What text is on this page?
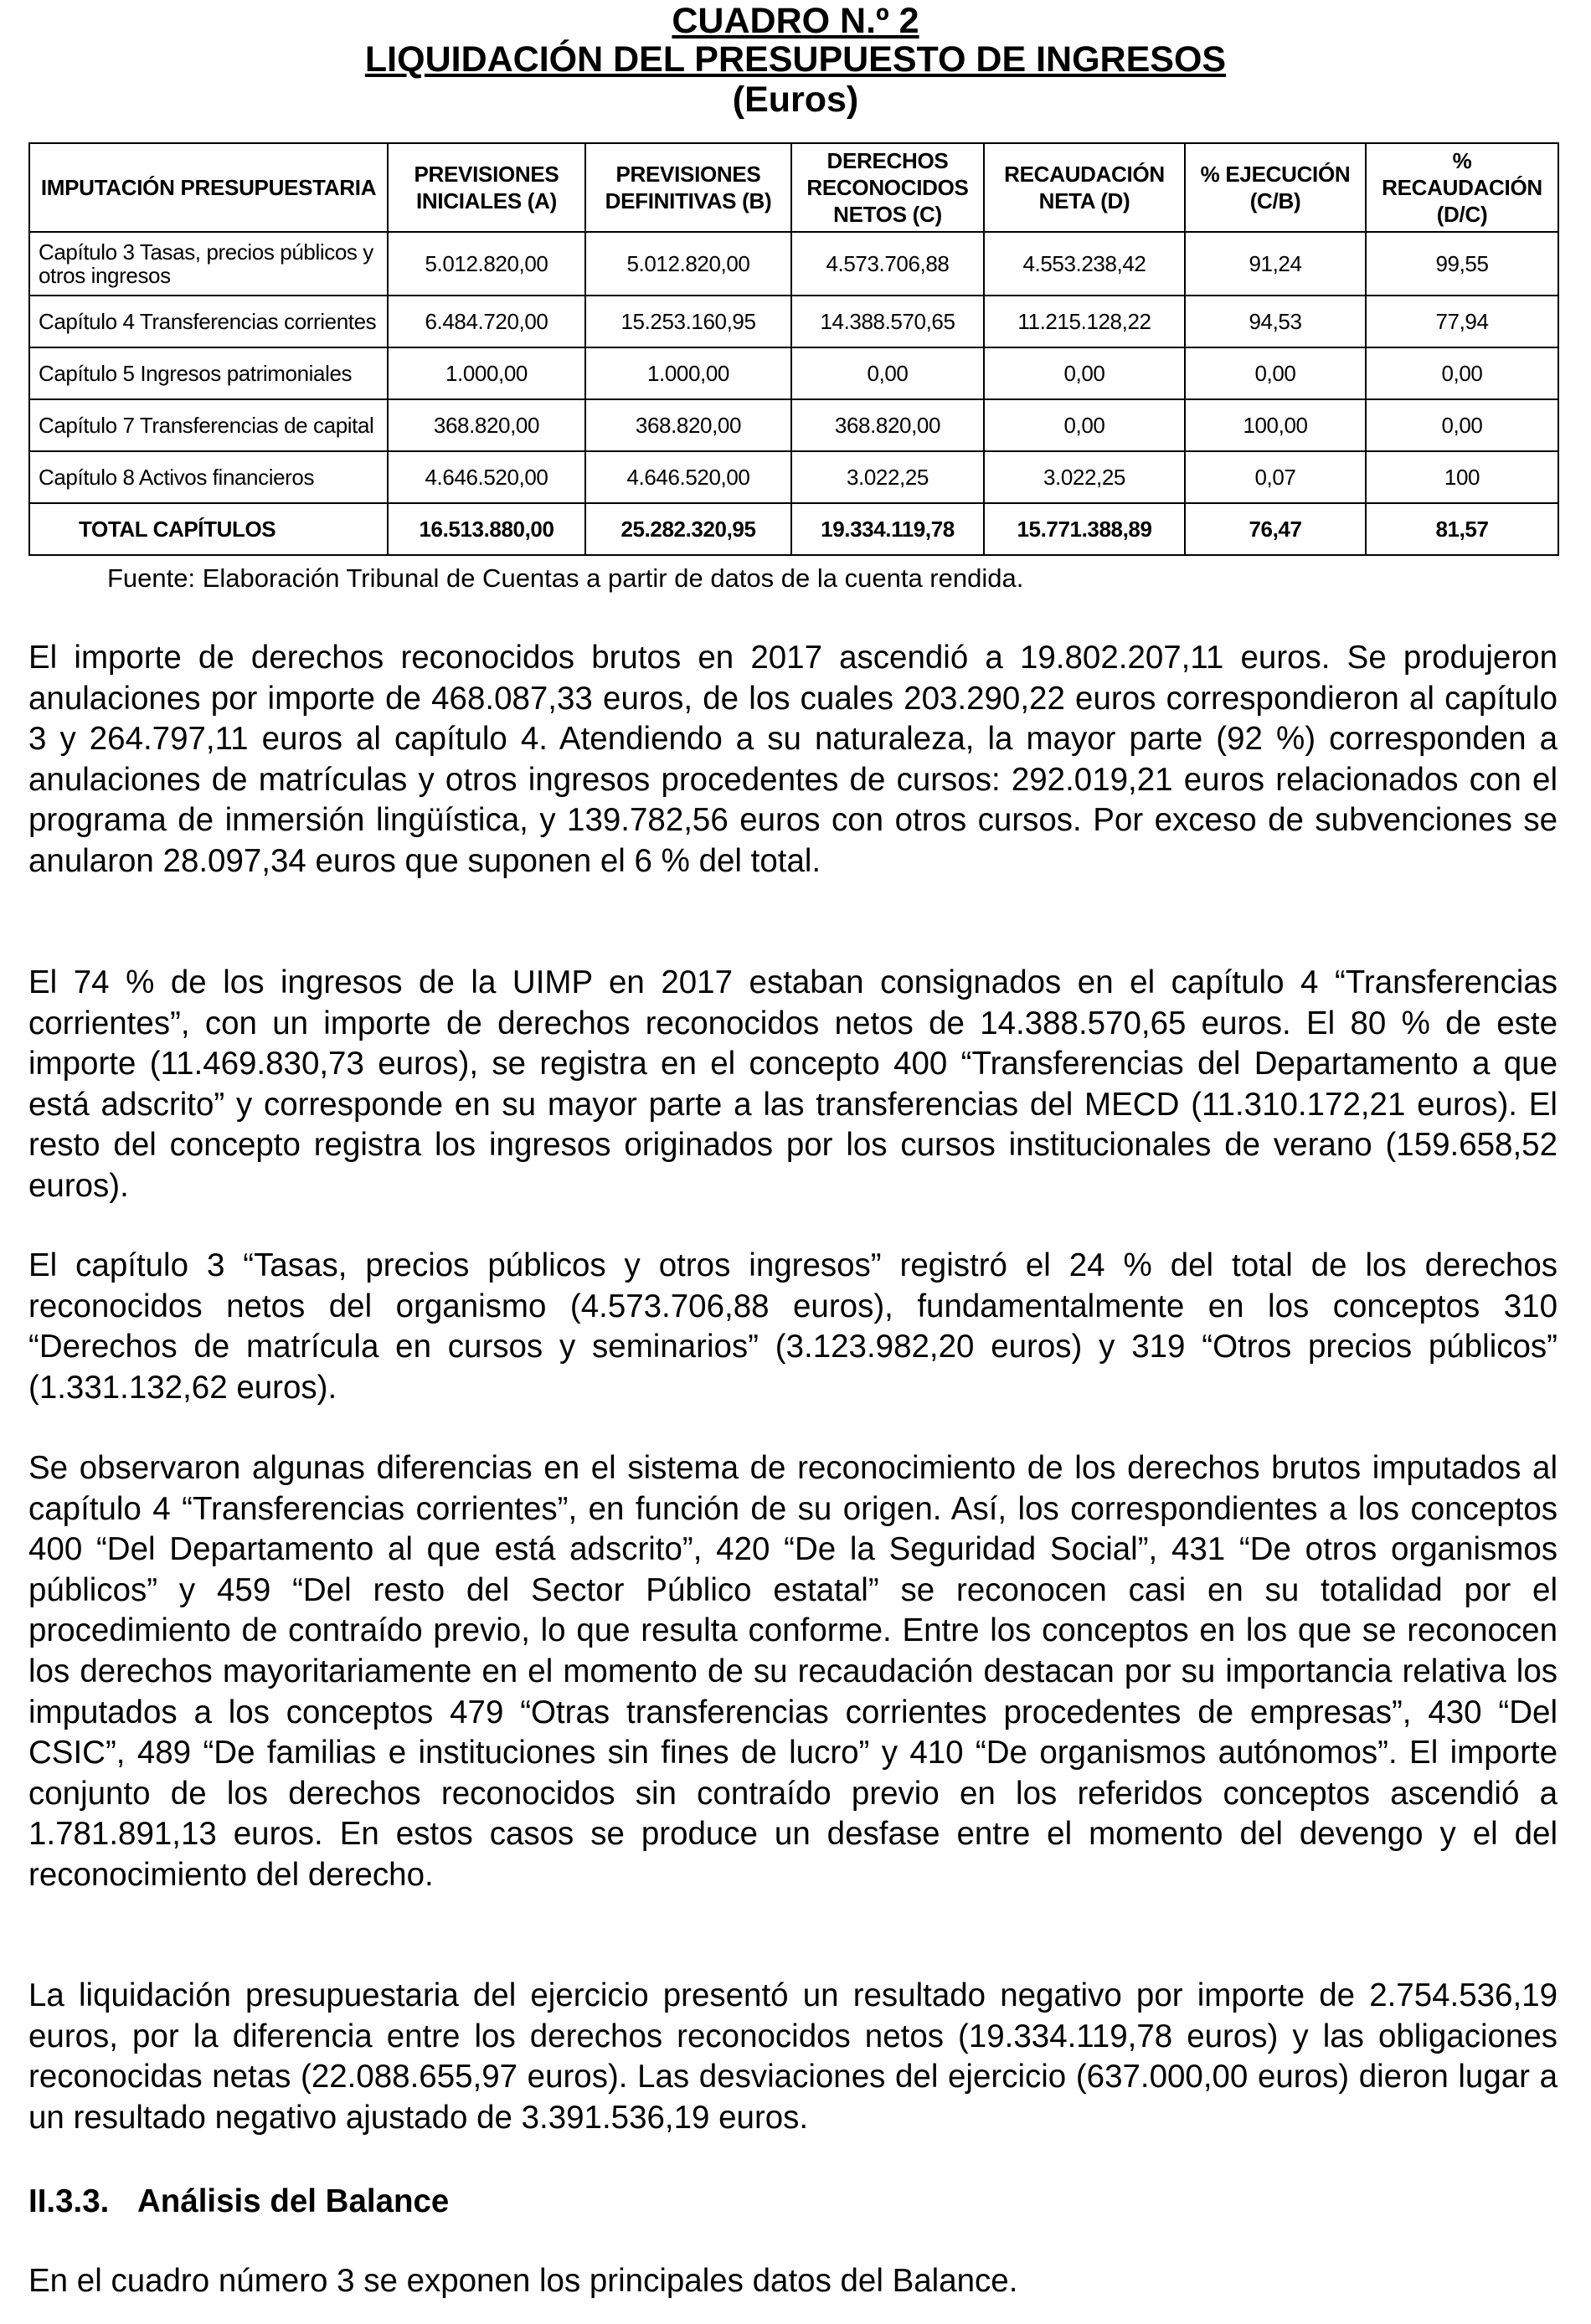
CUADRO N.º 2
LIQUIDACIÓN DEL PRESUPUESTO DE INGRESOS
(Euros)
IMPUTACIÓN PRESUPUESTARIA	PREVISIONES INICIALES (A)	PREVISIONES DEFINITIVAS (B)	DERECHOS RECONOCIDOS NETOS (C)	RECAUDACIÓN NETA (D)	% EJECUCIÓN (C/B)	% RECAUDACIÓN (D/C)
Capítulo 3 Tasas, precios públicos y otros ingresos	5.012.820,00	5.012.820,00	4.573.706,88	4.553.238,42	91,24	99,55
Capítulo 4 Transferencias corrientes	6.484.720,00	15.253.160,95	14.388.570,65	11.215.128,22	94,53	77,94
Capítulo 5 Ingresos patrimoniales	1.000,00	1.000,00	0,00	0,00	0,00	0,00
Capítulo 7 Transferencias de capital	368.820,00	368.820,00	368.820,00	0,00	100,00	0,00
Capítulo 8 Activos financieros	4.646.520,00	4.646.520,00	3.022,25	3.022,25	0,07	100
TOTAL CAPÍTULOS	16.513.880,00	25.282.320,95	19.334.119,78	15.771.388,89	76,47	81,57
Fuente: Elaboración Tribunal de Cuentas a partir de datos de la cuenta rendida.

El importe de derechos reconocidos brutos en 2017 ascendió a 19.802.207,11 euros. Se produjeron anulaciones por importe de 468.087,33 euros, de los cuales 203.290,22 euros correspondieron al capítulo 3 y 264.797,11 euros al capítulo 4. Atendiendo a su naturaleza, la mayor parte (92 %) corresponden a anulaciones de matrículas y otros ingresos procedentes de cursos: 292.019,21 euros relacionados con el programa de inmersión lingüística, y 139.782,56 euros con otros cursos. Por exceso de subvenciones se anularon 28.097,34 euros que suponen el 6 % del total.

El 74 % de los ingresos de la UIMP en 2017 estaban consignados en el capítulo 4 “Transferencias corrientes”, con un importe de derechos reconocidos netos de 14.388.570,65 euros. El 80 % de este importe (11.469.830,73 euros), se registra en el concepto 400 “Transferencias del Departamento a que está adscrito” y corresponde en su mayor parte a las transferencias del MECD (11.310.172,21 euros). El resto del concepto registra los ingresos originados por los cursos institucionales de verano (159.658,52 euros).

El capítulo 3 “Tasas, precios públicos y otros ingresos” registró el 24 % del total de los derechos reconocidos netos del organismo (4.573.706,88 euros), fundamentalmente en los conceptos 310 “Derechos de matrícula en cursos y seminarios” (3.123.982,20 euros) y 319 “Otros precios públicos” (1.331.132,62 euros).

Se observaron algunas diferencias en el sistema de reconocimiento de los derechos brutos imputados al capítulo 4 “Transferencias corrientes”, en función de su origen. Así, los correspondientes a los conceptos 400 “Del Departamento al que está adscrito”, 420 “De la Seguridad Social”, 431 “De otros organismos públicos” y 459 “Del resto del Sector Público estatal” se reconocen casi en su totalidad por el procedimiento de contraído previo, lo que resulta conforme. Entre los conceptos en los que se reconocen los derechos mayoritariamente en el momento de su recaudación destacan por su importancia relativa los imputados a los conceptos 479 “Otras transferencias corrientes procedentes de empresas”, 430 “Del CSIC”, 489 “De familias e instituciones sin fines de lucro” y 410 “De organismos autónomos”. El importe conjunto de los derechos reconocidos sin contraído previo en los referidos conceptos ascendió a 1.781.891,13 euros. En estos casos se produce un desfase entre el momento del devengo y el del reconocimiento del derecho.

La liquidación presupuestaria del ejercicio presentó un resultado negativo por importe de 2.754.536,19 euros, por la diferencia entre los derechos reconocidos netos (19.334.119,78 euros) y las obligaciones reconocidas netas (22.088.655,97 euros). Las desviaciones del ejercicio (637.000,00 euros) dieron lugar a un resultado negativo ajustado de 3.391.536,19 euros.

II.3.3. Análisis del Balance

En el cuadro número 3 se exponen los principales datos del Balance.
